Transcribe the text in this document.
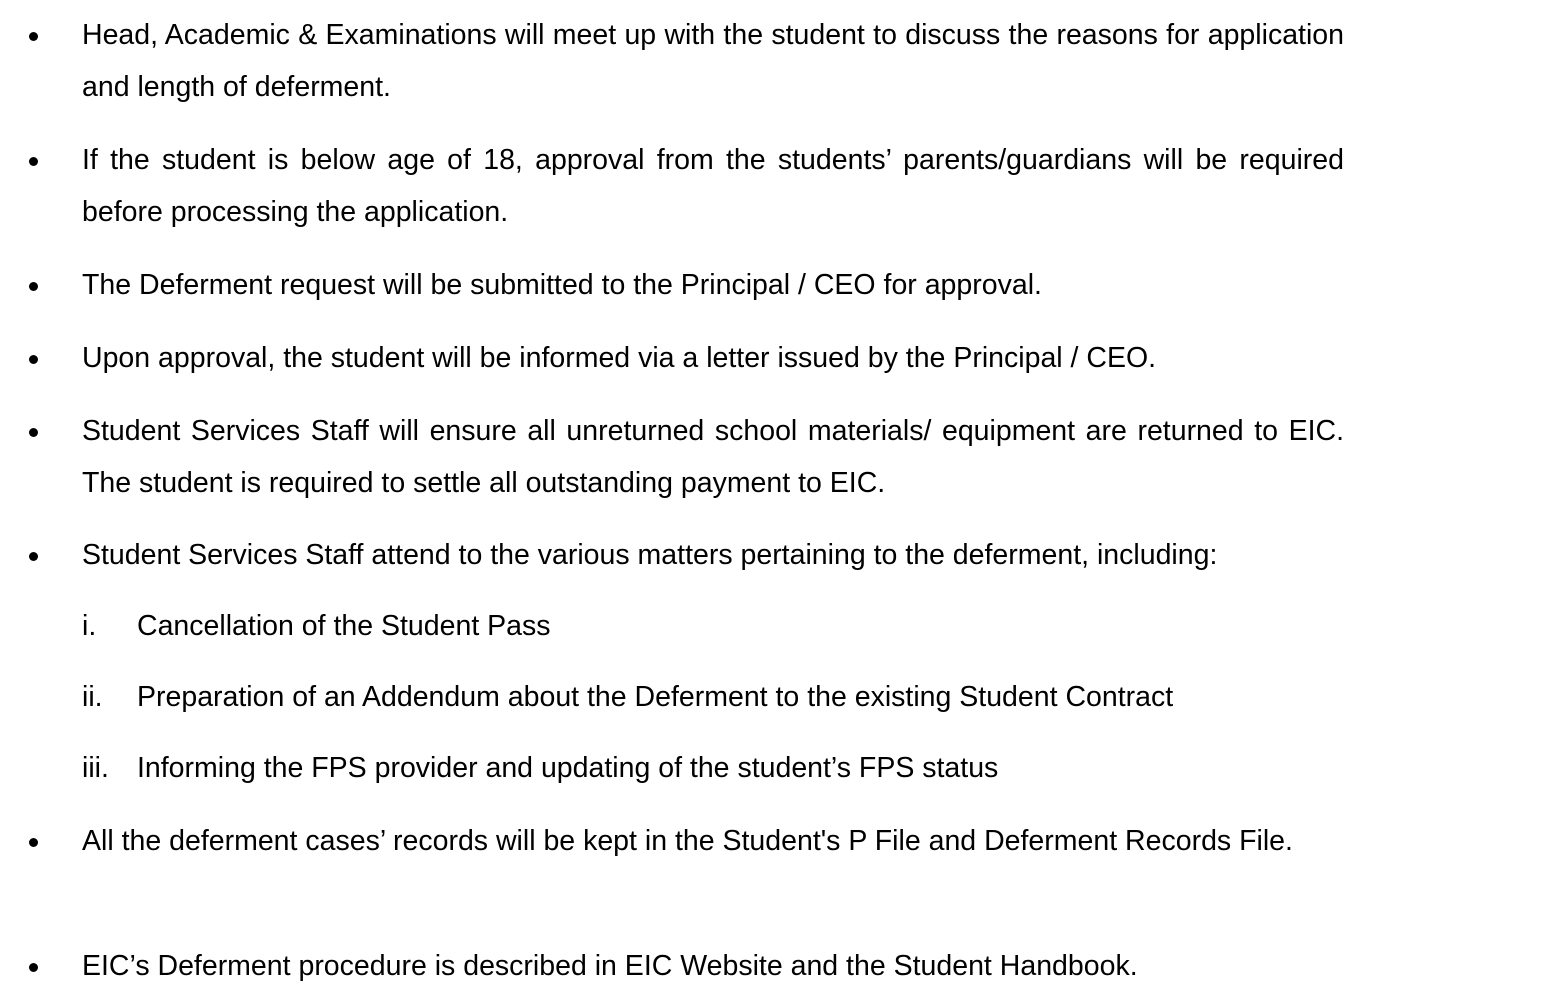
Head, Academic & Examinations will meet up with the student to discuss the reasons for application and length of deferment.

If the student is below age of 18, approval from the students’ parents/guardians will be required before processing the application.

The Deferment request will be submitted to the Principal / CEO for approval.

Upon approval, the student will be informed via a letter issued by the Principal / CEO.

Student Services Staff will ensure all unreturned school materials/ equipment are returned to EIC. The student is required to settle all outstanding payment to EIC.

Student Services Staff attend to the various matters pertaining to the deferment, including:

i. Cancellation of the Student Pass
ii. Preparation of an Addendum about the Deferment to the existing Student Contract
iii. Informing the FPS provider and updating of the student’s FPS status

All the deferment cases’ records will be kept in the Student's P File and Deferment Records File.

EIC’s Deferment procedure is described in EIC Website and the Student Handbook.
